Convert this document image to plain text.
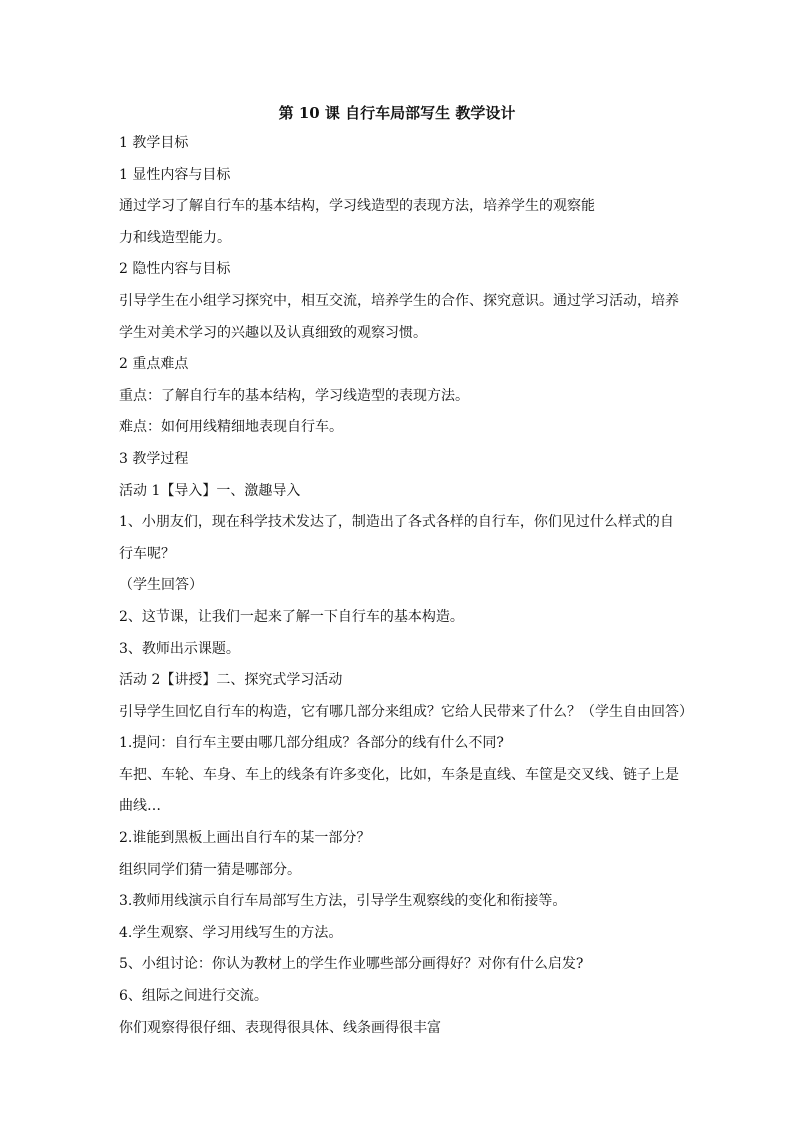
第 10 课 自行车局部写生 教学设计
1 教学目标
1 显性内容与目标
通过学习了解自行车的基本结构，学习线造型的表现方法，培养学生的观察能
力和线造型能力。
2 隐性内容与目标
引导学生在小组学习探究中，相互交流，培养学生的合作、探究意识。通过学习活动，培养
学生对美术学习的兴趣以及认真细致的观察习惯。
2 重点难点
重点：了解自行车的基本结构，学习线造型的表现方法。
难点：如何用线精细地表现自行车。
3 教学过程
活动 1【导入】一、激趣导入
1、小朋友们，现在科学技术发达了，制造出了各式各样的自行车，你们见过什么样式的自
行车呢？
（学生回答）
2、这节课，让我们一起来了解一下自行车的基本构造。
3、教师出示课题。
活动 2【讲授】二、探究式学习活动
引导学生回忆自行车的构造，它有哪几部分来组成？它给人民带来了什么？（学生自由回答）
1.提问：自行车主要由哪几部分组成？各部分的线有什么不同?
车把、车轮、车身、车上的线条有许多变化，比如，车条是直线、车筐是交叉线、链子上是
曲线…
2.谁能到黑板上画出自行车的某一部分？
组织同学们猜一猜是哪部分。
3.教师用线演示自行车局部写生方法，引导学生观察线的变化和衔接等。
4.学生观察、学习用线写生的方法。
5、小组讨论：你认为教材上的学生作业哪些部分画得好？对你有什么启发?
6、组际之间进行交流。
你们观察得很仔细、表现得很具体、线条画得很丰富
